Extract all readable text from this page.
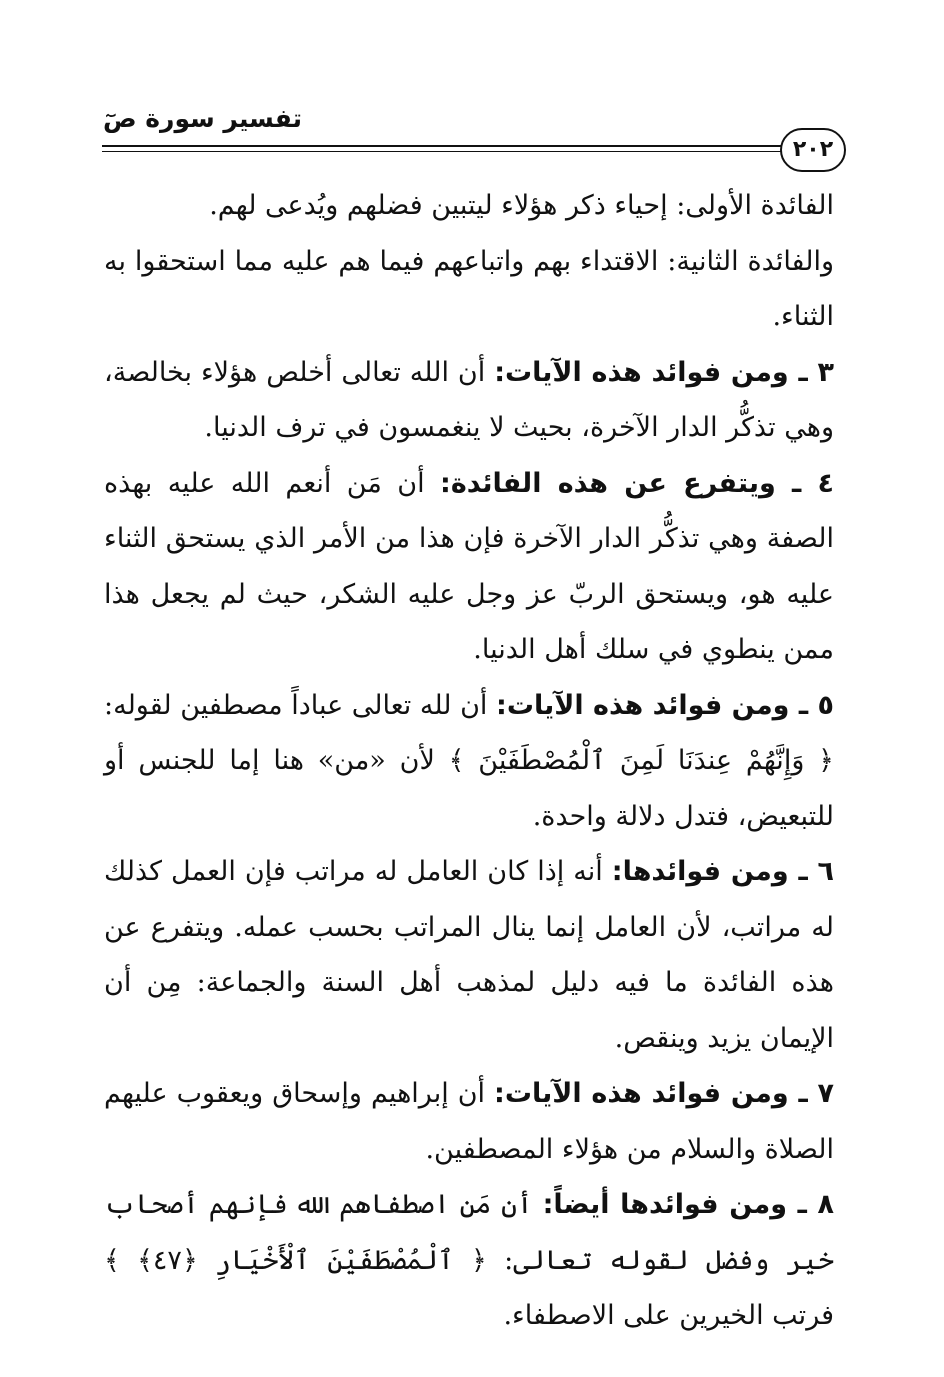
تفسير سورة صٓ
٢٠٢

الفائدة الأولى: إحياء ذكر هؤلاء ليتبين فضلهم ويُدعى لهم.

والفائدة الثانية: الاقتداء بهم واتباعهم فيما هم عليه مما استحقوا به الثناء.

٣ ـ ومن فوائد هذه الآيات: أن الله تعالى أخلص هؤلاء بخالصة، وهي تذكُّر الدار الآخرة، بحيث لا ينغمسون في ترف الدنيا.

٤ ـ ويتفرع عن هذه الفائدة: أن مَن أنعم الله عليه بهذه الصفة وهي تذكُّر الدار الآخرة فإن هذا من الأمر الذي يستحق الثناء عليه هو، ويستحق الربّ عز وجل عليه الشكر، حيث لم يجعل هذا ممن ينطوي في سلك أهل الدنيا.

٥ ـ ومن فوائد هذه الآيات: أن لله تعالى عباداً مصطفين لقوله: ﴿ وَإِنَّهُمْ عِندَنَا لَمِنَ ٱلْمُصْطَفَيْنَ ﴾ لأن «من» هنا إما للجنس أو للتبعيض، فتدل دلالة واحدة.

٦ ـ ومن فوائدها: أنه إذا كان العامل له مراتب فإن العمل كذلك له مراتب، لأن العامل إنما ينال المراتب بحسب عمله. ويتفرع عن هذه الفائدة ما فيه دليل لمذهب أهل السنة والجماعة: مِن أن الإيمان يزيد وينقص.

٧ ـ ومن فوائد هذه الآيات: أن إبراهيم وإسحاق ويعقوب عليهم الصلاة والسلام من هؤلاء المصطفين.

٨ ـ ومن فوائدها أيضاً: أن مَن اصطفاهم الله فإنهم أصحاب خير وفضل لقوله تعالى: ﴿ ٱلْمُصْطَفَيْنَ ٱلْأَخْيَارِ ﴿٤٧﴾ ﴾ فرتب الخيرين على الاصطفاء.
